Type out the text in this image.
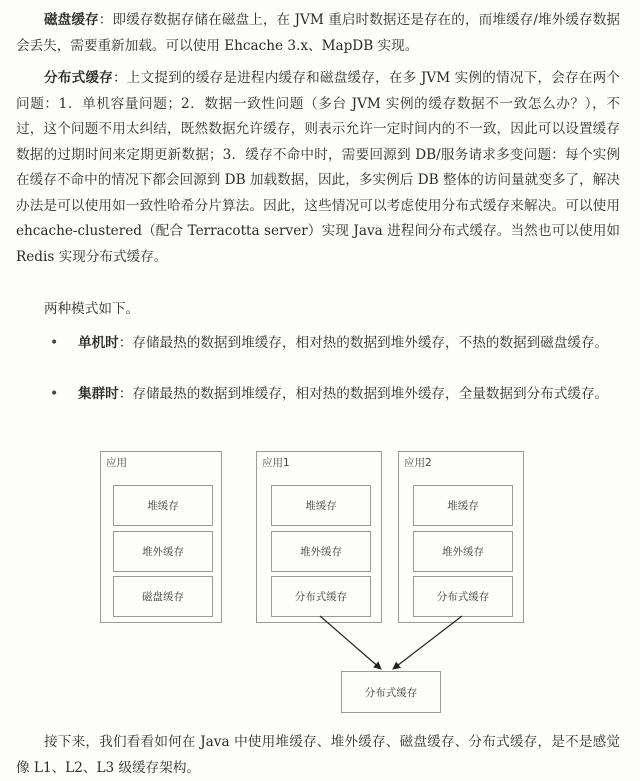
磁盘缓存：即缓存数据存储在磁盘上，在 JVM 重启时数据还是存在的，而堆缓存/堆外缓存数据会丢失，需要重新加载。可以使用 Ehcache 3.x、MapDB 实现。

分布式缓存：上文提到的缓存是进程内缓存和磁盘缓存，在多 JVM 实例的情况下，会存在两个问题：1．单机容量问题；2．数据一致性问题（多台 JVM 实例的缓存数据不一致怎么办？），不过，这个问题不用太纠结，既然数据允许缓存，则表示允许一定时间内的不一致，因此可以设置缓存数据的过期时间来定期更新数据；3．缓存不命中时，需要回源到 DB/服务请求多变问题：每个实例在缓存不命中的情况下都会回源到 DB 加载数据，因此，多实例后 DB 整体的访问量就变多了，解决办法是可以使用如一致性哈希分片算法。因此，这些情况可以考虑使用分布式缓存来解决。可以使用 ehcache-clustered（配合 Terracotta server）实现 Java 进程间分布式缓存。当然也可以使用如 Redis 实现分布式缓存。

两种模式如下。

•	单机时：存储最热的数据到堆缓存，相对热的数据到堆外缓存，不热的数据到磁盘缓存。
•	集群时：存储最热的数据到堆缓存，相对热的数据到堆外缓存，全量数据到分布式缓存。
应用
堆缓存
堆外缓存
磁盘缓存
应用1
堆缓存
堆外缓存
分布式缓存
应用2
堆缓存
堆外缓存
分布式缓存
分布式缓存

接下来，我们看看如何在 Java 中使用堆缓存、堆外缓存、磁盘缓存、分布式缓存，是不是感觉像 L1、L2、L3 级缓存架构。
